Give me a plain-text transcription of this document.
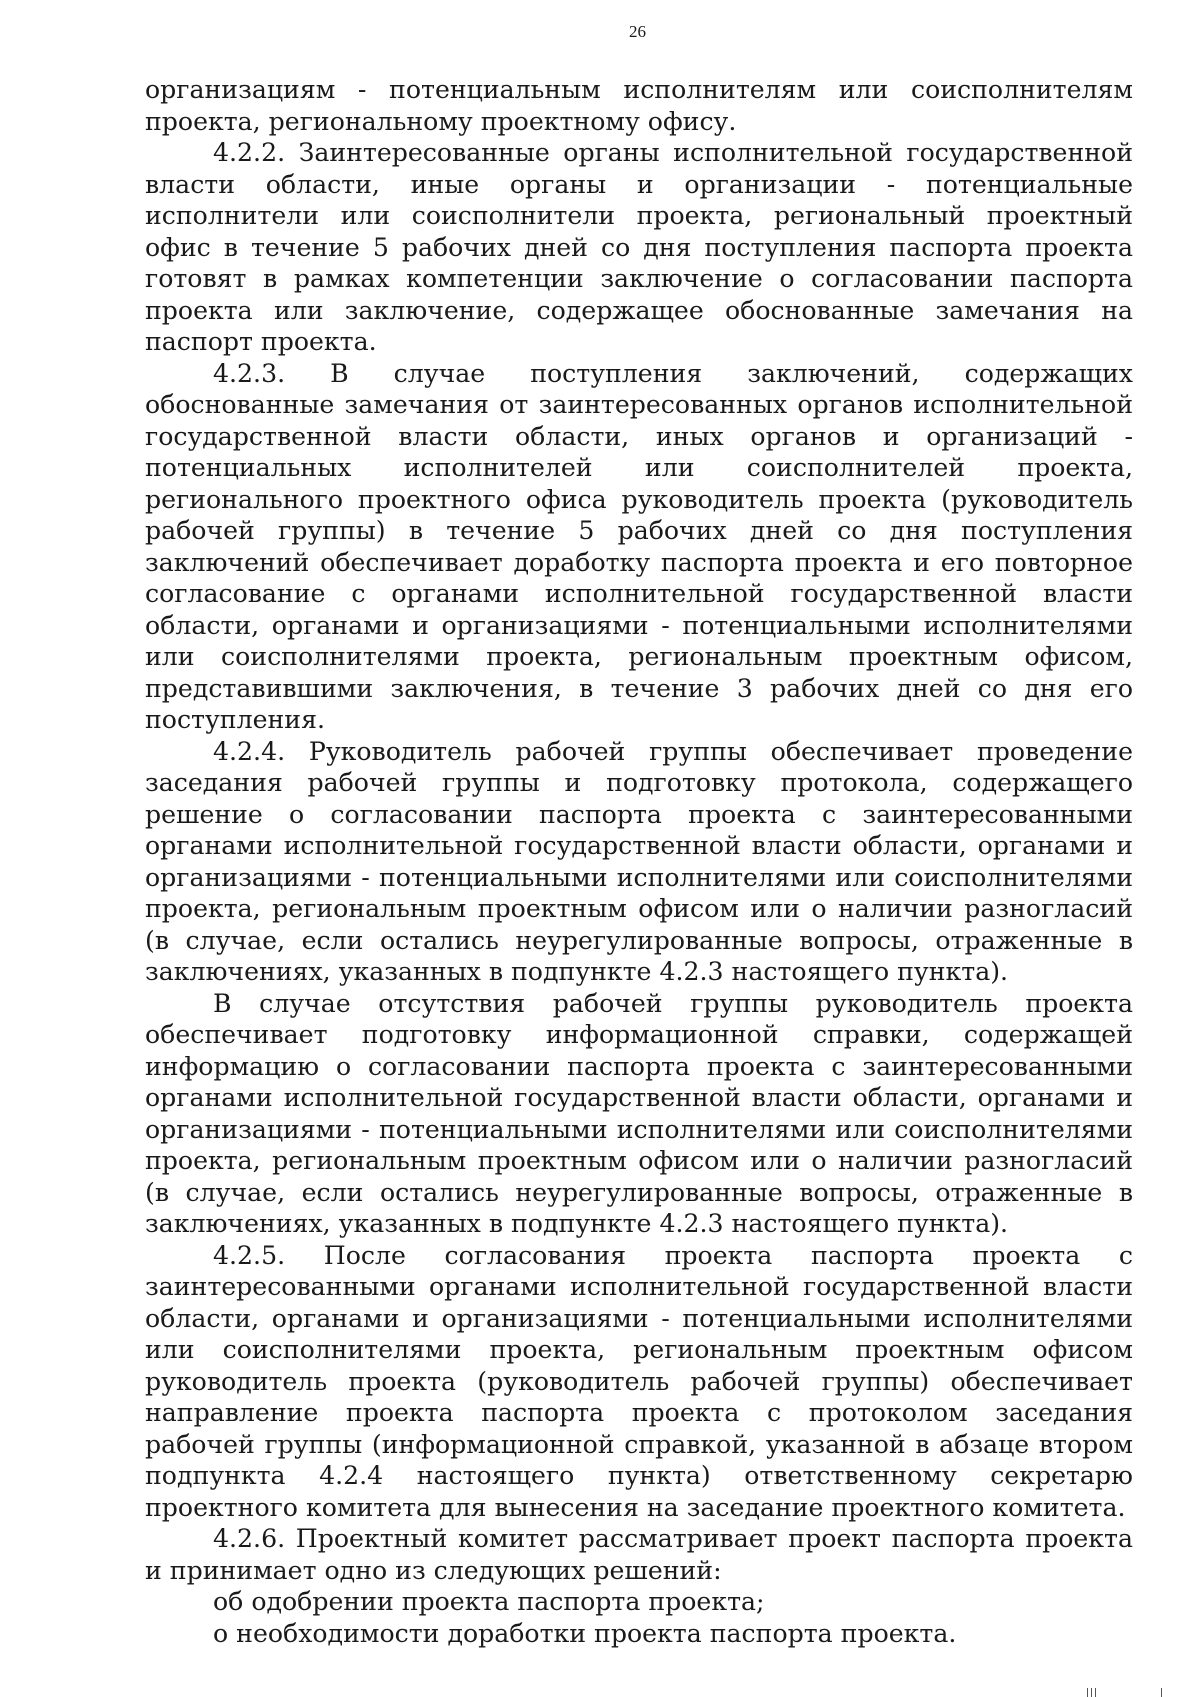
26

организациям - потенциальным исполнителям или соисполнителям проекта, региональному проектному офису.

4.2.2. Заинтересованные органы исполнительной государственной власти области, иные органы и организации - потенциальные исполнители или соисполнители проекта, региональный проектный офис в течение 5 рабочих дней со дня поступления паспорта проекта готовят в рамках компетенции заключение о согласовании паспорта проекта или заключение, содержащее обоснованные замечания на паспорт проекта.

4.2.3. В случае поступления заключений, содержащих обоснованные замечания от заинтересованных органов исполнительной государственной власти области, иных органов и организаций - потенциальных исполнителей или соисполнителей проекта, регионального проектного офиса руководитель проекта (руководитель рабочей группы) в течение 5 рабочих дней со дня поступления заключений обеспечивает доработку паспорта проекта и его повторное согласование с органами исполнительной государственной власти области, органами и организациями - потенциальными исполнителями или соисполнителями проекта, региональным проектным офисом, представившими заключения, в течение 3 рабочих дней со дня его поступления.

4.2.4. Руководитель рабочей группы обеспечивает проведение заседания рабочей группы и подготовку протокола, содержащего решение о согласовании паспорта проекта с заинтересованными органами исполнительной государственной власти области, органами и организациями - потенциальными исполнителями или соисполнителями проекта, региональным проектным офисом или о наличии разногласий (в случае, если остались неурегулированные вопросы, отраженные в заключениях, указанных в подпункте 4.2.3 настоящего пункта).

В случае отсутствия рабочей группы руководитель проекта обеспечивает подготовку информационной справки, содержащей информацию о согласовании паспорта проекта с заинтересованными органами исполнительной государственной власти области, органами и организациями - потенциальными исполнителями или соисполнителями проекта, региональным проектным офисом или о наличии разногласий (в случае, если остались неурегулированные вопросы, отраженные в заключениях, указанных в подпункте 4.2.3 настоящего пункта).

4.2.5. После согласования проекта паспорта проекта с заинтересованными органами исполнительной государственной власти области, органами и организациями - потенциальными исполнителями или соисполнителями проекта, региональным проектным офисом руководитель проекта (руководитель рабочей группы) обеспечивает направление проекта паспорта проекта с протоколом заседания рабочей группы (информационной справкой, указанной в абзаце втором подпункта 4.2.4 настоящего пункта) ответственному секретарю проектного комитета для вынесения на заседание проектного комитета.

4.2.6. Проектный комитет рассматривает проект паспорта проекта и принимает одно из следующих решений:

об одобрении проекта паспорта проекта;

о необходимости доработки проекта паспорта проекта.
